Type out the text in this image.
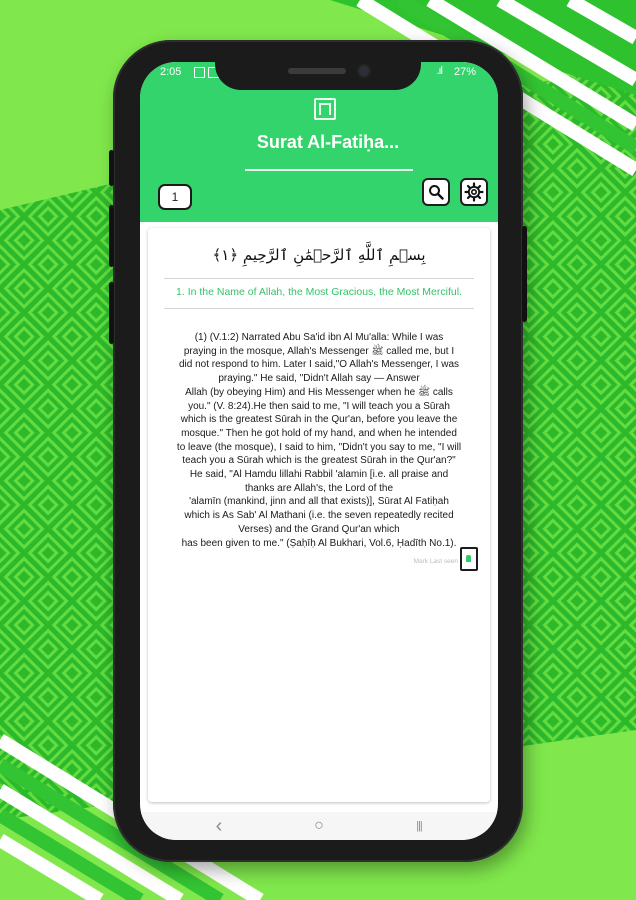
2:05	.ıl 27%
Surat Al-Fatiḥa...
1
بِسۡمِ ٱللَّهِ ٱلرَّحۡمَٰنِ ٱلرَّحِيمِ ﴿١﴾
1. In the Name of Allah, the Most Gracious, the Most Merciful.
(1) (V.1:2) Narrated Abu Sa'id ibn Al Mu'alla: While I was
praying in the mosque, Allah's Messenger ﷺ called me, but I
did not respond to him. Later I said,"O Allah's Messenger, I was
praying." He said, "Didn't Allah say — Answer
Allah (by obeying Him) and His Messenger when he ﷺ calls
you." (V. 8:24).He then said to me, "I will teach you a Sūrah
which is the greatest Sūrah in the Qur'an, before you leave the
mosque." Then he got hold of my hand, and when he intended
to leave (the mosque), I said to him, "Didn't you say to me, "I will
teach you a Sūrah which is the greatest Sūrah in the Qur'an?"
He said, "Al Hamdu lillahi Rabbil 'alamin [i.e. all praise and
thanks are Allah's, the Lord of the
'alamīn (mankind, jinn and all that exists)], Sūrat Al Fatiḥah
which is As Sab' Al Mathani (i.e. the seven repeatedly recited
Verses) and the Grand Qur'an which
has been given to me." (Ṣaḥīḥ Al Bukhari, Vol.6, Ḥadīth No.1).
Mark Last seen
‹	○	|||
